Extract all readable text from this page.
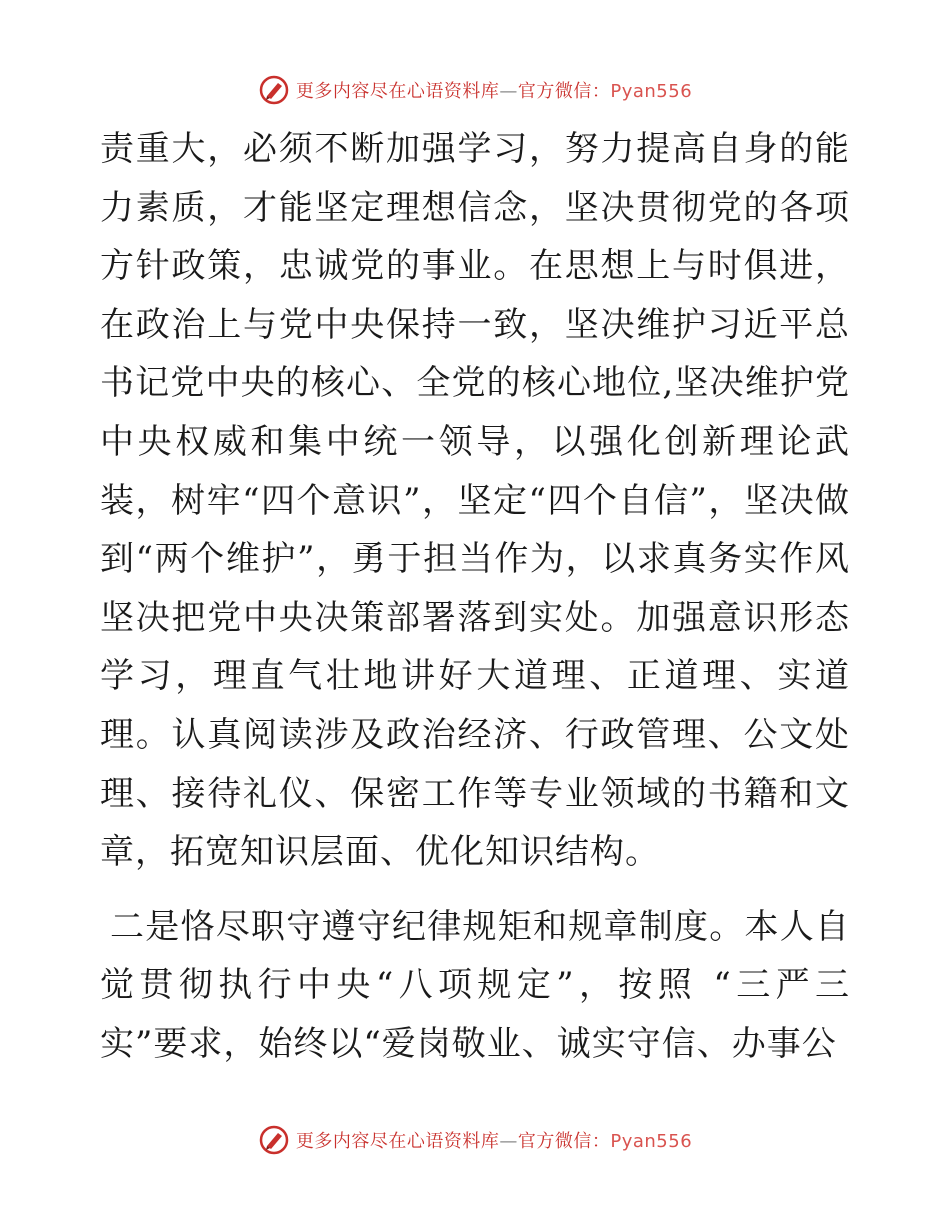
更多内容尽在心语资料库—官方微信：Pyan556

责重大，必须不断加强学习，努力提高自身的能力素质，才能坚定理想信念，坚决贯彻党的各项方针政策，忠诚党的事业。在思想上与时俱进，在政治上与党中央保持一致，坚决维护习近平总书记党中央的核心、全党的核心地位,坚决维护党中央权威和集中统一领导，以强化创新理论武装，树牢“四个意识”，坚定“四个自信”，坚决做到“两个维护”，勇于担当作为，以求真务实作风坚决把党中央决策部署落到实处。加强意识形态学习，理直气壮地讲好大道理、正道理、实道理。认真阅读涉及政治经济、行政管理、公文处理、接待礼仪、保密工作等专业领域的书籍和文章，拓宽知识层面、优化知识结构。

二是恪尽职守遵守纪律规矩和规章制度。本人自觉贯彻执行中央“八项规定”，按照 “三严三实”要求，始终以“爱岗敬业、诚实守信、办事公

更多内容尽在心语资料库—官方微信：Pyan556
